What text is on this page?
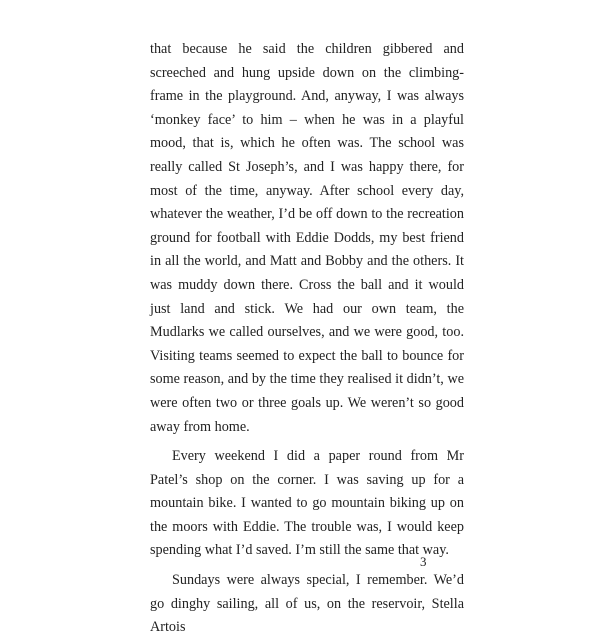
that because he said the children gibbered and screeched and hung upside down on the climbing-frame in the playground. And, anyway, I was always ‘monkey face’ to him – when he was in a playful mood, that is, which he often was. The school was really called St Joseph’s, and I was happy there, for most of the time, anyway. After school every day, whatever the weather, I’d be off down to the recreation ground for football with Eddie Dodds, my best friend in all the world, and Matt and Bobby and the others. It was muddy down there. Cross the ball and it would just land and stick. We had our own team, the Mudlarks we called ourselves, and we were good, too. Visiting teams seemed to expect the ball to bounce for some reason, and by the time they realised it didn’t, we were often two or three goals up. We weren’t so good away from home.

Every weekend I did a paper round from Mr Patel’s shop on the corner. I was saving up for a mountain bike. I wanted to go mountain biking up on the moors with Eddie. The trouble was, I would keep spending what I’d saved. I’m still the same that way.

Sundays were always special, I remember. We’d go dinghy sailing, all of us, on the reservoir, Stella Artois

3
